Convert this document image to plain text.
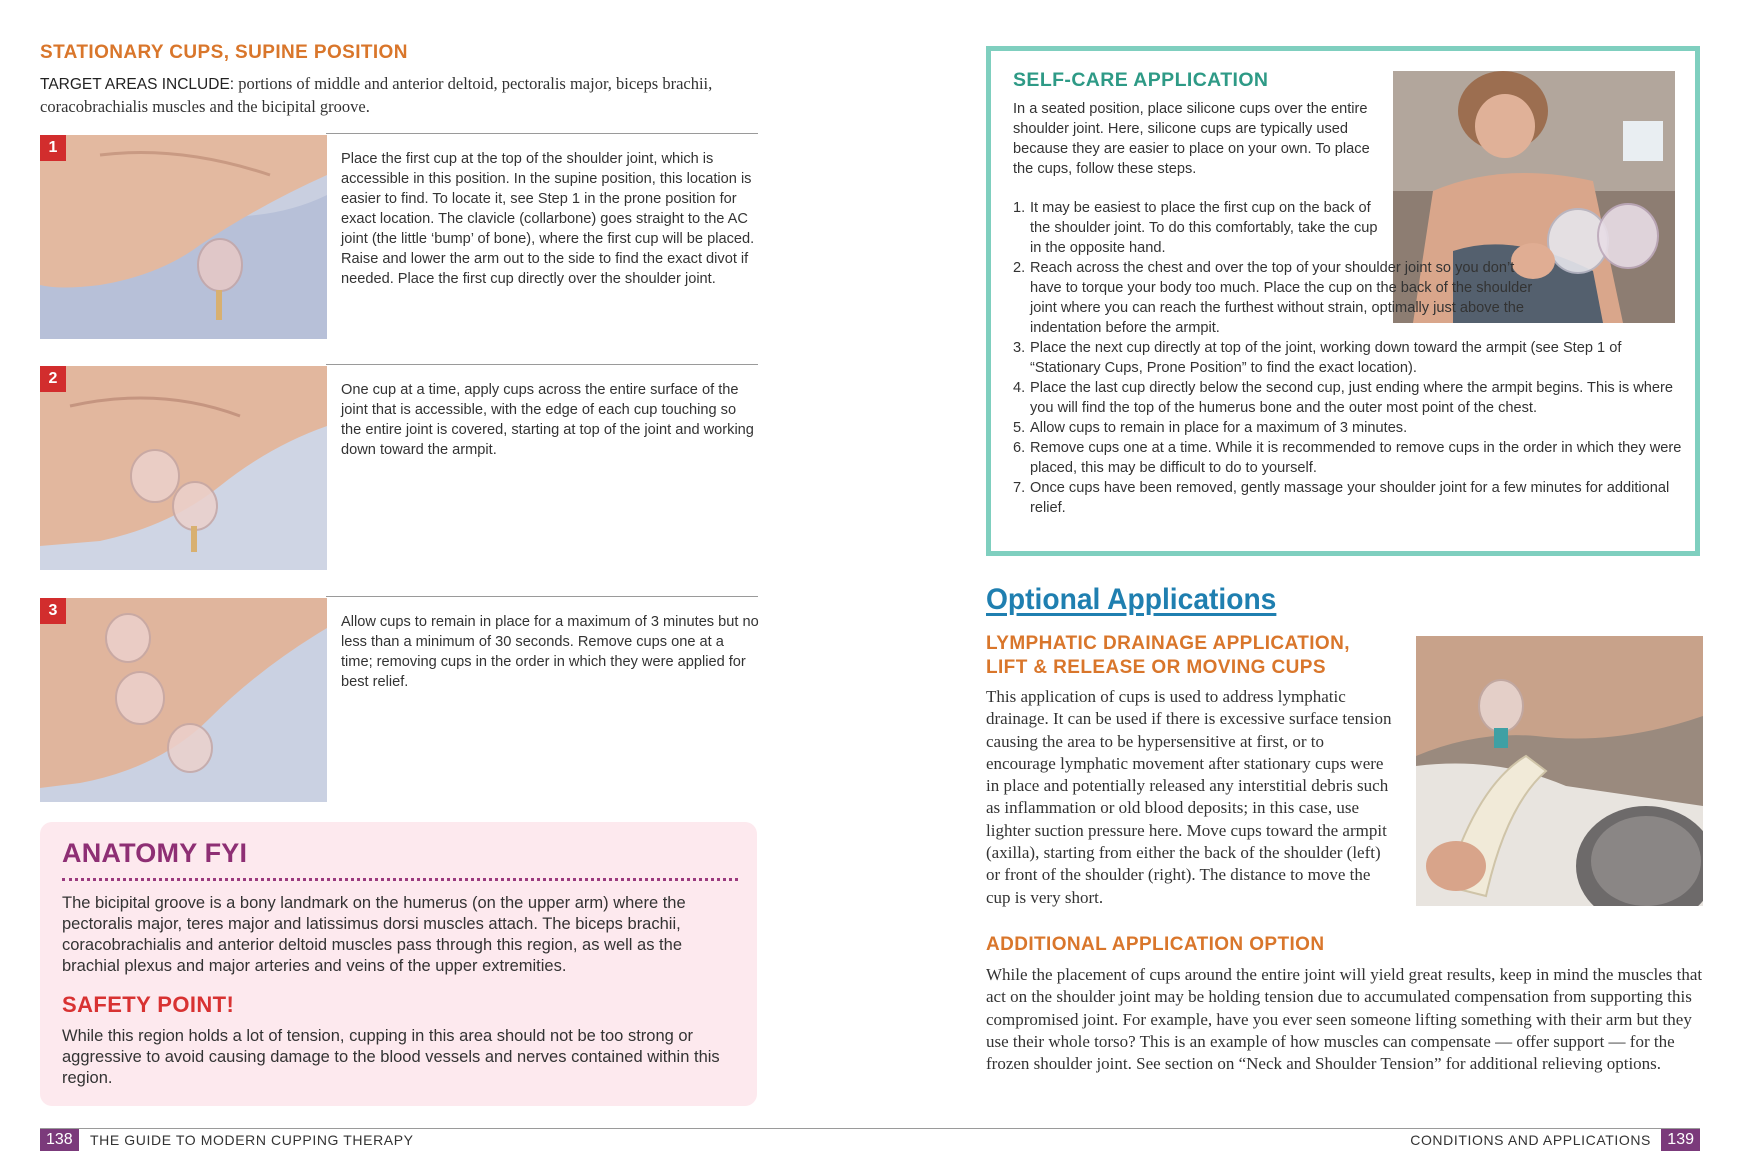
STATIONARY CUPS, SUPINE POSITION
TARGET AREAS INCLUDE: portions of middle and anterior deltoid, pectoralis major, biceps brachii, coracobrachialis muscles and the bicipital groove.
1
Place the first cup at the top of the shoulder joint, which is accessible in this position. In the supine position, this location is easier to find. To locate it, see Step 1 in the prone position for exact location. The clavicle (collarbone) goes straight to the AC joint (the little ‘bump’ of bone), where the first cup will be placed. Raise and lower the arm out to the side to find the exact divot if needed. Place the first cup directly over the shoulder joint.
2
One cup at a time, apply cups across the entire surface of the joint that is accessible, with the edge of each cup touching so the entire joint is covered, starting at top of the joint and working down toward the armpit.
3
Allow cups to remain in place for a maximum of 3 minutes but no less than a minimum of 30 seconds. Remove cups one at a time; removing cups in the order in which they were applied for best relief.
ANATOMY FYI
The bicipital groove is a bony landmark on the humerus (on the upper arm) where the pectoralis major, teres major and latissimus dorsi muscles attach. The biceps brachii, coracobrachialis and anterior deltoid muscles pass through this region, as well as the brachial plexus and major arteries and veins of the upper extremities.
SAFETY POINT!
While this region holds a lot of tension, cupping in this area should not be too strong or aggressive to avoid causing damage to the blood vessels and nerves contained within this region.
SELF-CARE APPLICATION
In a seated position, place silicone cups over the entire shoulder joint. Here, silicone cups are typically used because they are easier to place on your own. To place the cups, follow these steps.
1. It may be easiest to place the first cup on the back of the shoulder joint. To do this comfortably, take the cup in the opposite hand.
2. Reach across the chest and over the top of your shoulder joint so you don’t have to torque your body too much. Place the cup on the back of the shoulder joint where you can reach the furthest without strain, optimally just above the indentation before the armpit.
3. Place the next cup directly at top of the joint, working down toward the armpit (see Step 1 of “Stationary Cups, Prone Position” to find the exact location).
4. Place the last cup directly below the second cup, just ending where the armpit begins. This is where you will find the top of the humerus bone and the outer most point of the chest.
5. Allow cups to remain in place for a maximum of 3 minutes.
6. Remove cups one at a time. While it is recommended to remove cups in the order in which they were placed, this may be difficult to do to yourself.
7. Once cups have been removed, gently massage your shoulder joint for a few minutes for additional relief.
Optional Applications
LYMPHATIC DRAINAGE APPLICATION,
LIFT & RELEASE OR MOVING CUPS
This application of cups is used to address lymphatic drainage. It can be used if there is excessive surface tension causing the area to be hypersensitive at first, or to encourage lymphatic movement after stationary cups were in place and potentially released any interstitial debris such as inflammation or old blood deposits; in this case, use lighter suction pressure here. Move cups toward the armpit (axilla), starting from either the back of the shoulder (left) or front of the shoulder (right). The distance to move the cup is very short.
ADDITIONAL APPLICATION OPTION
While the placement of cups around the entire joint will yield great results, keep in mind the muscles that act on the shoulder joint may be holding tension due to accumulated compensation from supporting this compromised joint. For example, have you ever seen someone lifting something with their arm but they use their whole torso? This is an example of how muscles can compensate — offer support — for the frozen shoulder joint. See section on “Neck and Shoulder Tension” for additional relieving options.
138	THE GUIDE TO MODERN CUPPING THERAPY	CONDITIONS AND APPLICATIONS	139
